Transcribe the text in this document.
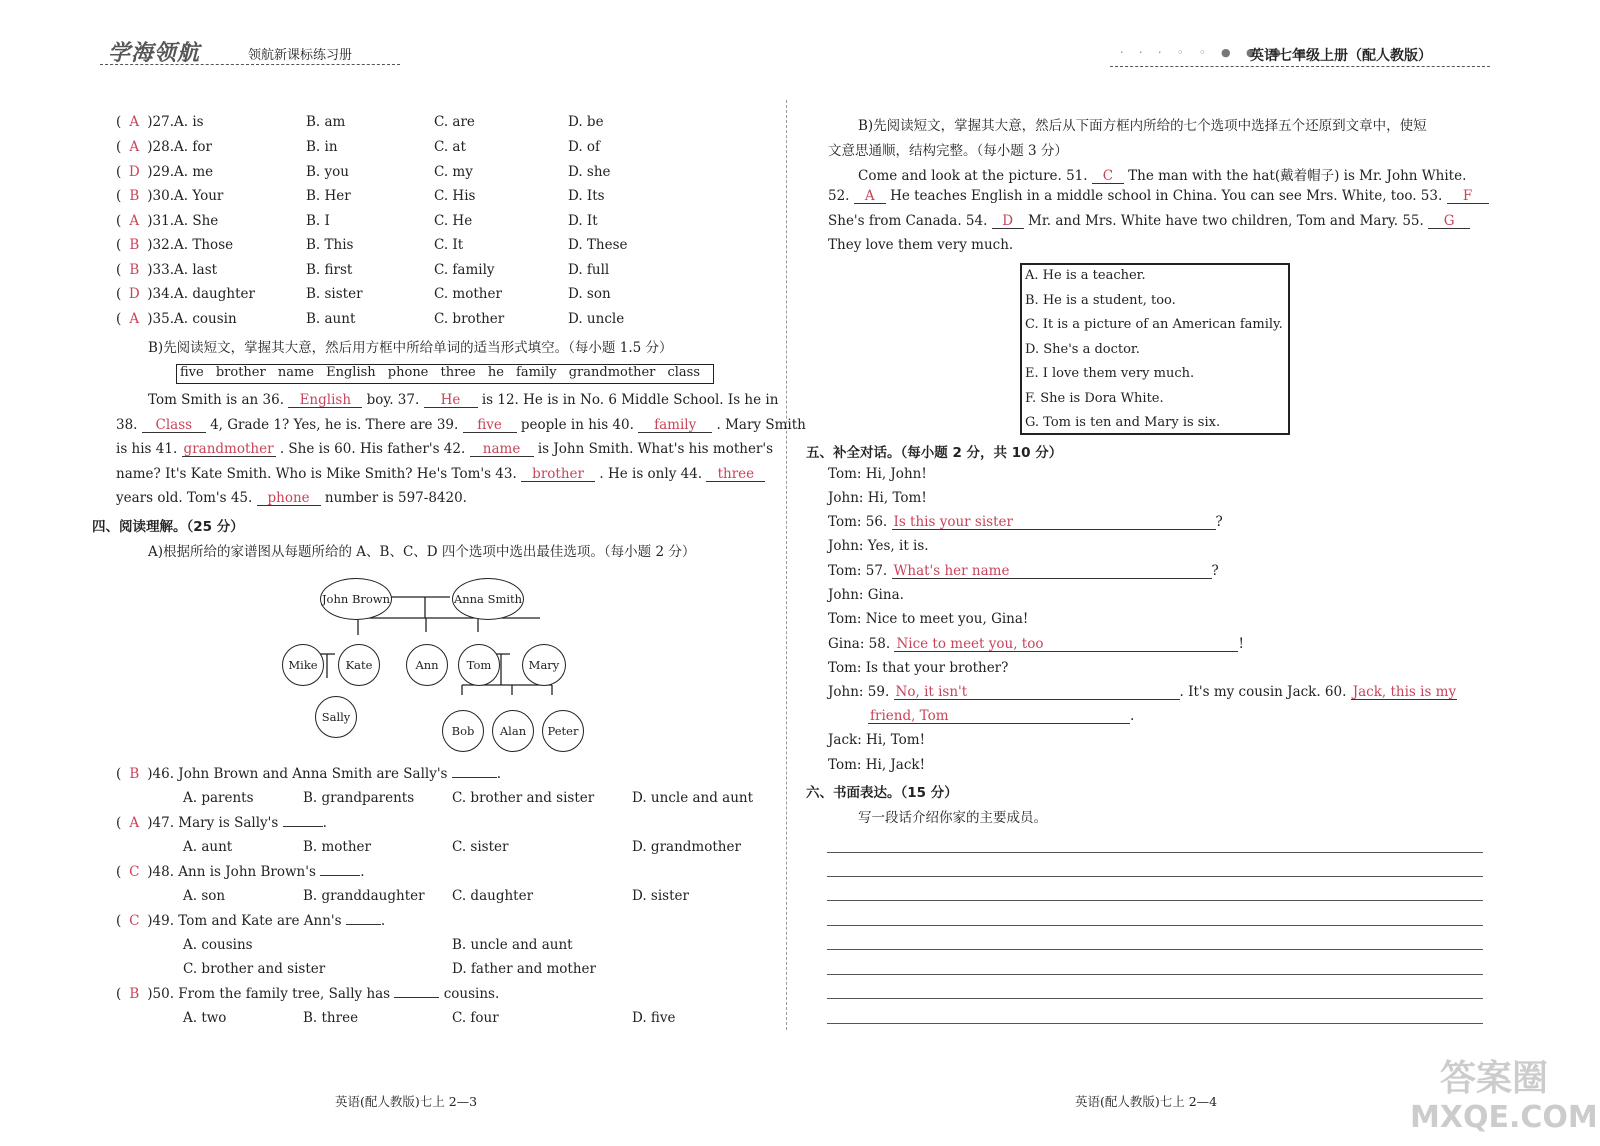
学海领航	领航新课标练习册	· · · ◦ ◦ ● ● ● ●
英语七年级上册（配人教版）
( A )27.A. is	B. am	C. are	D. be
( A )28.A. for	B. in	C. at	D. of
( D )29.A. me	B. you	C. my	D. she
( B )30.A. Your	B. Her	C. His	D. Its
( A )31.A. She	B. I	C. He	D. It
( B )32.A. Those	B. This	C. It	D. These
( B )33.A. last	B. first	C. family	D. full
( D )34.A. daughter	B. sister	C. mother	D. son
( A )35.A. cousin	B. aunt	C. brother	D. uncle
B)先阅读短文，掌握其大意，然后用方框中所给单词的适当形式填空。（每小题 1.5 分）
five brother name English phone three he family grandmother class
Tom Smith is an 36. English boy. 37. He is 12. He is in No. 6 Middle School. Is he in
38. Class 4, Grade 1? Yes, he is. There are 39. five people in his 40. family . Mary Smith
is his 41. grandmother . She is 60. His father's 42. name is John Smith. What's his mother's
name? It's Kate Smith. Who is Mike Smith? He's Tom's 43. brother . He is only 44. three
years old. Tom's 45. phone number is 597-8420.
四、阅读理解。（25 分）
A)根据所给的家谱图从每题所给的 A、B、C、D 四个选项中选出最佳选项。（每小题 2 分）
John Brown	Anna Smith
Mike	Kate	Ann	Tom	Mary
Sally
Bob	Alan	Peter
( B )46. John Brown and Anna Smith are Sally's	.
A. parents	B. grandparents	C. brother and sister	D. uncle and aunt
( A )47. Mary is Sally's	.
A. aunt	B. mother	C. sister	D. grandmother
( C )48. Ann is John Brown's	.
A. son	B. granddaughter C. daughter	D. sister
( C )49. Tom and Kate are Ann's	.
A. cousins	B. uncle and aunt
C. brother and sister	D. father and mother
( B )50. From the family tree, Sally has	cousins.
A. two	B. three	C. four	D. five
英语(配人教版)七上 2—3
B)先阅读短文，掌握其大意，然后从下面方框内所给的七个选项中选择五个还原到文章中，使短
文意思通顺，结构完整。（每小题 3 分）
Come and look at the picture. 51. C The man with the hat(戴着帽子) is Mr. John White.
52. A He teaches English in a middle school in China. You can see Mrs. White, too. 53. F
She's from Canada. 54. D Mr. and Mrs. White have two children, Tom and Mary. 55. G
They love them very much.
A. He is a teacher.
B. He is a student, too.
C. It is a picture of an American family.
D. She's a doctor.
E. I love them very much.
F. She is Dora White.
G. Tom is ten and Mary is six.
五、补全对话。（每小题 2 分，共 10 分）
Tom: Hi, John!
John: Hi, Tom!
Tom: 56. Is this your sister	?
John: Yes, it is.
Tom: 57. What's her name	?
John: Gina.
Tom: Nice to meet you, Gina!
Gina: 58. Nice to meet you, too	!
Tom: Is that your brother?
John: 59. No, it isn't	. It's my cousin Jack. 60. Jack, this is my
friend, Tom	.
Jack: Hi, Tom!
Tom: Hi, Jack!
六、书面表达。（15 分）
写一段话介绍你家的主要成员。
英语(配人教版)七上 2—4
答案圈
MXQE.COM
